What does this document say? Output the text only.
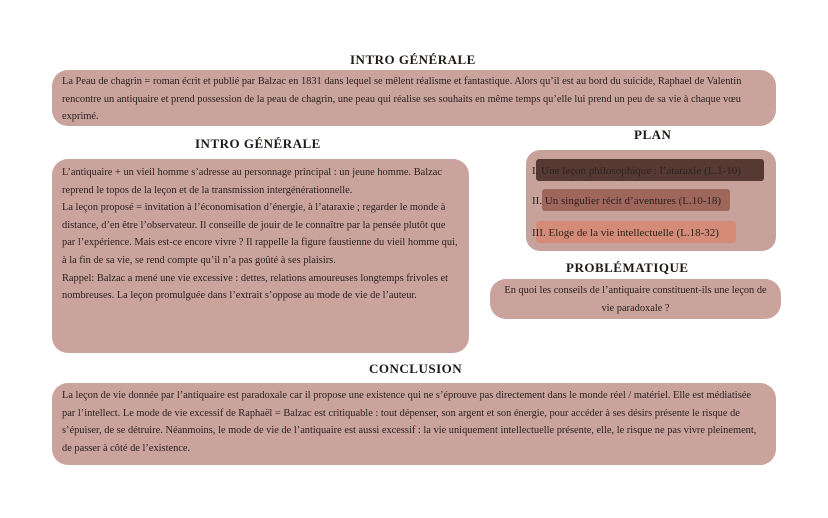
INTRO GÉNÉRALE

La Peau de chagrin = roman écrit et publié par Balzac en 1831 dans lequel se mêlent réalisme et fantastique. Alors qu’il est au bord du suicide, Raphael de Valentin rencontre un antiquaire et prend possession de la peau de chagrin, une peau qui réalise ses souhaits en même temps qu’elle lui prend un peu de sa vie à chaque vœu exprimé.

INTRO GÉNÉRALE

L’antiquaire + un vieil homme s’adresse au personnage principal : un jeune homme. Balzac reprend le topos de la leçon et de la transmission intergénérationnelle.

La leçon proposé = invitation à l’économisation d’énergie, à l’ataraxie ; regarder le monde à distance, d’en être l’observateur. Il conseille de jouir de le connaître par la pensée plutôt que par l’expérience. Mais est-ce encore vivre ? Il rappelle la figure faustienne du vieil homme qui, à la fin de sa vie, se rend compte qu’il n’a pas goûté à ses plaisirs.

Rappel: Balzac a mené une vie excessive : dettes, relations amoureuses longtemps frivoles et nombreuses. La leçon promulguée dans l’extrait s’oppose au mode de vie de l’auteur.

PLAN
I. Une leçon philosophique : l’ataraxie (L.1-10)
II. Un singulier récit d’aventures (L.10-18)
III. Eloge de la vie intellectuelle (L.18-32)
PROBLÉMATIQUE

En quoi les conseils de l’antiquaire constituent-ils une leçon de vie paradoxale ?

CONCLUSION

La leçon de vie donnée par l’antiquaire est paradoxale car il propose une existence qui ne s’éprouve pas directement dans le monde réel / matériel. Elle est médiatisée par l’intellect. Le mode de vie excessif de Raphaël = Balzac est critiquable : tout dépenser, son argent et son énergie, pour accéder à ses désirs présente le risque de s’épuiser, de se détruire. Néanmoins, le mode de vie de l’antiquaire est aussi excessif : la vie uniquement intellectuelle présente, elle, le risque ne pas vivre pleinement, de passer à côté de l’existence.
